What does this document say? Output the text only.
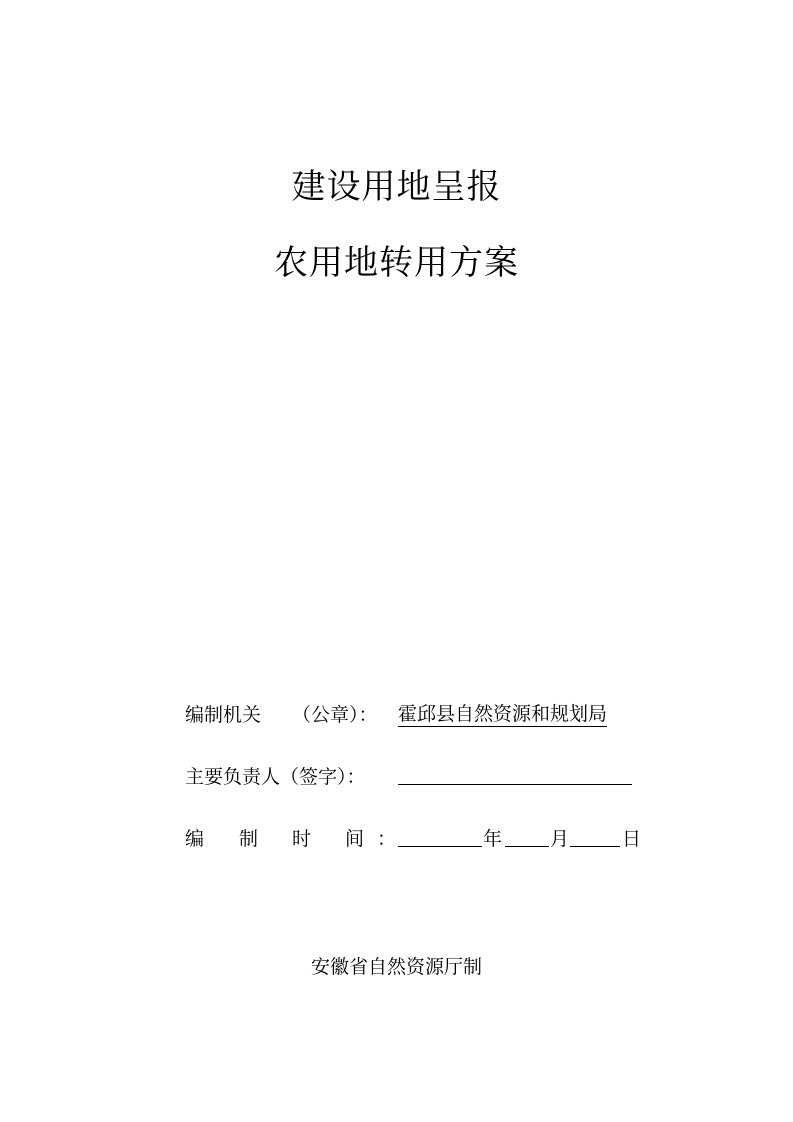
建设用地呈报
农用地转用方案
编制机关 （公章）： 霍邱县自然资源和规划局
主要负责人（签字）：
编 制 时 间 ：	年	月	日
安徽省自然资源厅制
